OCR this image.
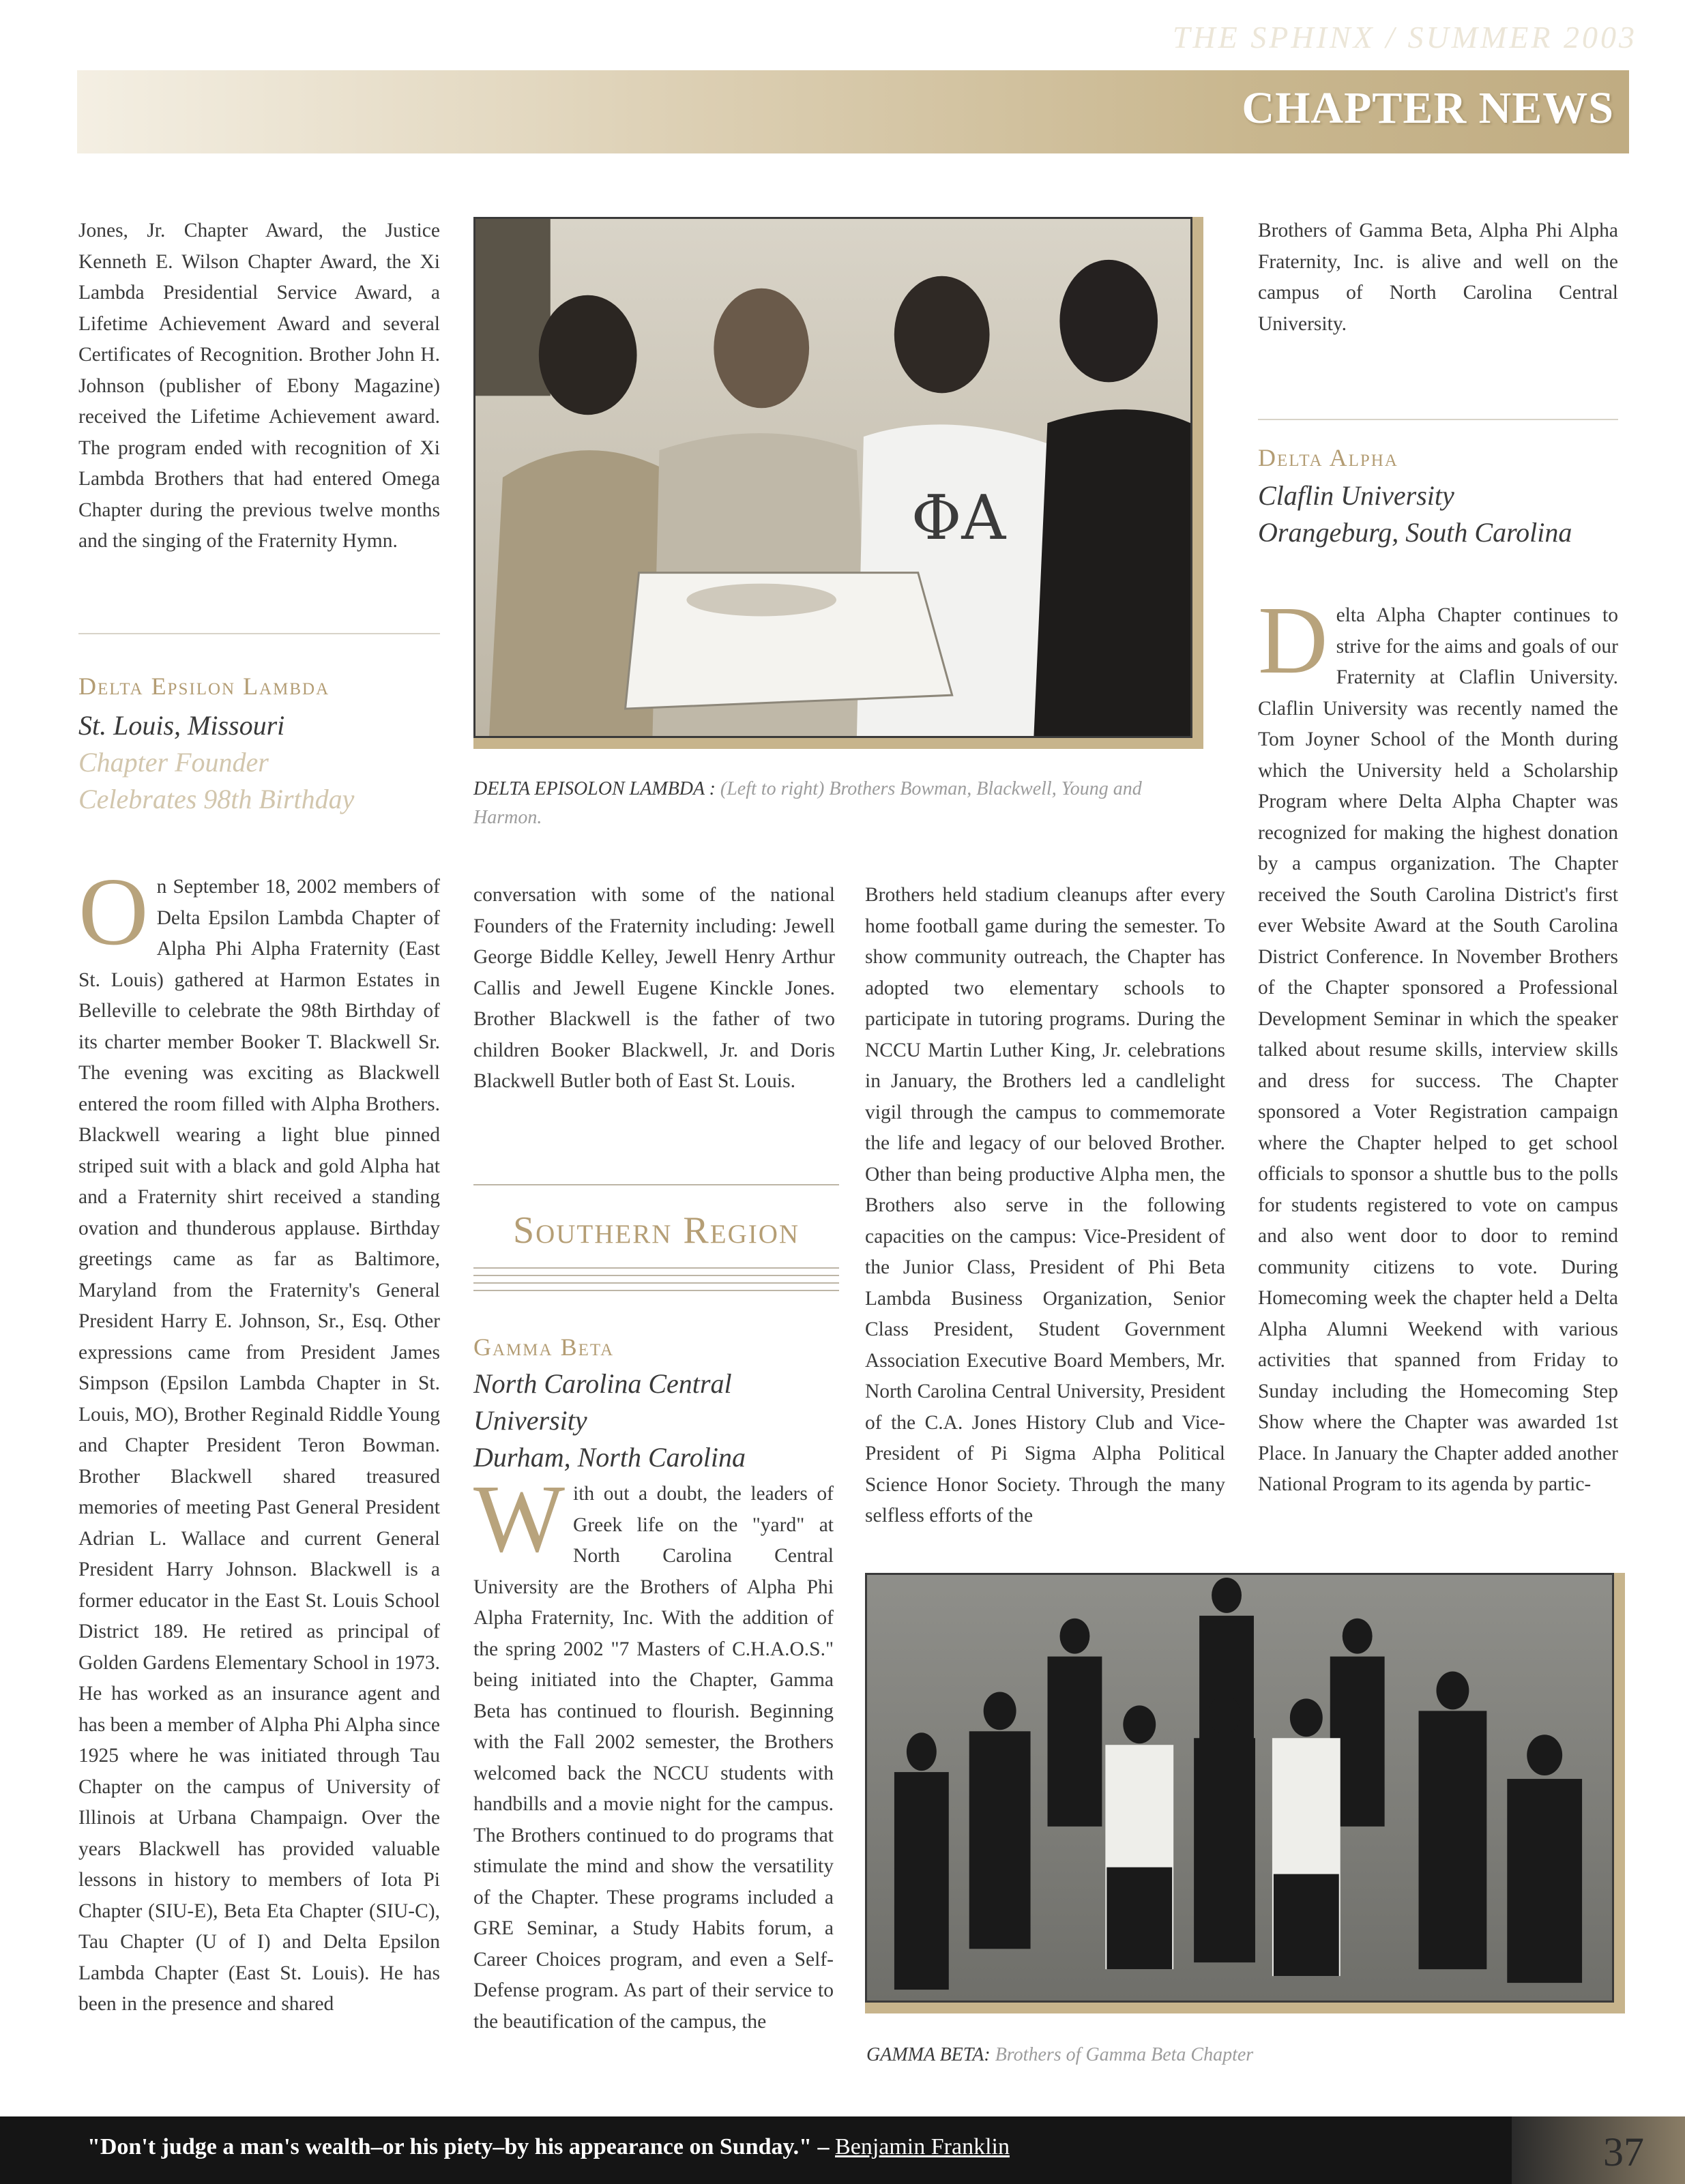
THE SPHINX / SUMMER 2003
CHAPTER NEWS

Jones, Jr. Chapter Award, the Justice Kenneth E. Wilson Chapter Award, the Xi Lambda Presidential Service Award, a Lifetime Achievement Award and several Certificates of Recognition. Brother John H. Johnson (publisher of Ebony Magazine) received the Lifetime Achievement award. The program ended with recognition of Xi Lambda Brothers that had entered Omega Chapter during the previous twelve months and the singing of the Fraternity Hymn.

Delta Epsilon Lambda
St. Louis, Missouri
Chapter Founder
Celebrates 98th Birthday

On September 18, 2002 members of Delta Epsilon Lambda Chapter of Alpha Phi Alpha Fraternity (East St. Louis) gathered at Harmon Estates in Belleville to celebrate the 98th Birthday of its charter member Booker T. Blackwell Sr. The evening was exciting as Blackwell entered the room filled with Alpha Brothers. Blackwell wearing a light blue pinned striped suit with a black and gold Alpha hat and a Fraternity shirt received a standing ovation and thunderous applause. Birthday greetings came as far as Baltimore, Maryland from the Fraternity's General President Harry E. Johnson, Sr., Esq. Other expressions came from President James Simpson (Epsilon Lambda Chapter in St. Louis, MO), Brother Reginald Riddle Young and Chapter President Teron Bowman. Brother Blackwell shared treasured memories of meeting Past General President Adrian L. Wallace and current General President Harry Johnson. Blackwell is a former educator in the East St. Louis School District 189. He retired as principal of Golden Gardens Elementary School in 1973. He has worked as an insurance agent and has been a member of Alpha Phi Alpha since 1925 where he was initiated through Tau Chapter on the campus of University of Illinois at Urbana Champaign. Over the years Blackwell has provided valuable lessons in history to members of Iota Pi Chapter (SIU-E), Beta Eta Chapter (SIU-C), Tau Chapter (U of I) and Delta Epsilon Lambda Chapter (East St. Louis). He has been in the presence and shared

ΦA
DELTA EPISOLON LAMBDA : (Left to right) Brothers Bowman, Blackwell, Young and Harmon.

conversation with some of the national Founders of the Fraternity including: Jewell George Biddle Kelley, Jewell Henry Arthur Callis and Jewell Eugene Kinckle Jones. Brother Blackwell is the father of two children Booker Blackwell, Jr. and Doris Blackwell Butler both of East St. Louis.

Southern Region
Gamma Beta
North Carolina Central University
Durham, North Carolina

With out a doubt, the leaders of Greek life on the "yard" at North Carolina Central University are the Brothers of Alpha Phi Alpha Fraternity, Inc. With the addition of the spring 2002 "7 Masters of C.H.A.O.S." being initiated into the Chapter, Gamma Beta has continued to flourish. Beginning with the Fall 2002 semester, the Brothers welcomed back the NCCU students with handbills and a movie night for the campus. The Brothers continued to do programs that stimulate the mind and show the versatility of the Chapter. These programs included a GRE Seminar, a Study Habits forum, a Career Choices program, and even a Self-Defense program. As part of their service to the beautification of the campus, the

Brothers held stadium cleanups after every home football game during the semester. To show community outreach, the Chapter has adopted two elementary schools to participate in tutoring programs. During the NCCU Martin Luther King, Jr. celebrations in January, the Brothers led a candlelight vigil through the campus to commemorate the life and legacy of our beloved Brother. Other than being productive Alpha men, the Brothers also serve in the following capacities on the campus: Vice-President of the Junior Class, President of Phi Beta Lambda Business Organization, Senior Class President, Student Government Association Executive Board Members, Mr. North Carolina Central University, President of the C.A. Jones History Club and Vice-President of Pi Sigma Alpha Political Science Honor Society. Through the many selfless efforts of the

Brothers of Gamma Beta, Alpha Phi Alpha Fraternity, Inc. is alive and well on the campus of North Carolina Central University.

Delta Alpha
Claflin University
Orangeburg, South Carolina

Delta Alpha Chapter continues to strive for the aims and goals of our Fraternity at Claflin University. Claflin University was recently named the Tom Joyner School of the Month during which the University held a Scholarship Program where Delta Alpha Chapter was recognized for making the highest donation by a campus organization. The Chapter received the South Carolina District's first ever Website Award at the South Carolina District Conference. In November Brothers of the Chapter sponsored a Professional Development Seminar in which the speaker talked about resume skills, interview skills and dress for success. The Chapter sponsored a Voter Registration campaign where the Chapter helped to get school officials to sponsor a shuttle bus to the polls for students registered to vote on campus and also went door to door to remind community citizens to vote. During Homecoming week the chapter held a Delta Alpha Alumni Weekend with various activities that spanned from Friday to Sunday including the Homecoming Step Show where the Chapter was awarded 1st Place. In January the Chapter added another National Program to its agenda by partic-

GAMMA BETA: Brothers of Gamma Beta Chapter
"Don't judge a man's wealth–or his piety–by his appearance on Sunday." – Benjamin Franklin	37
